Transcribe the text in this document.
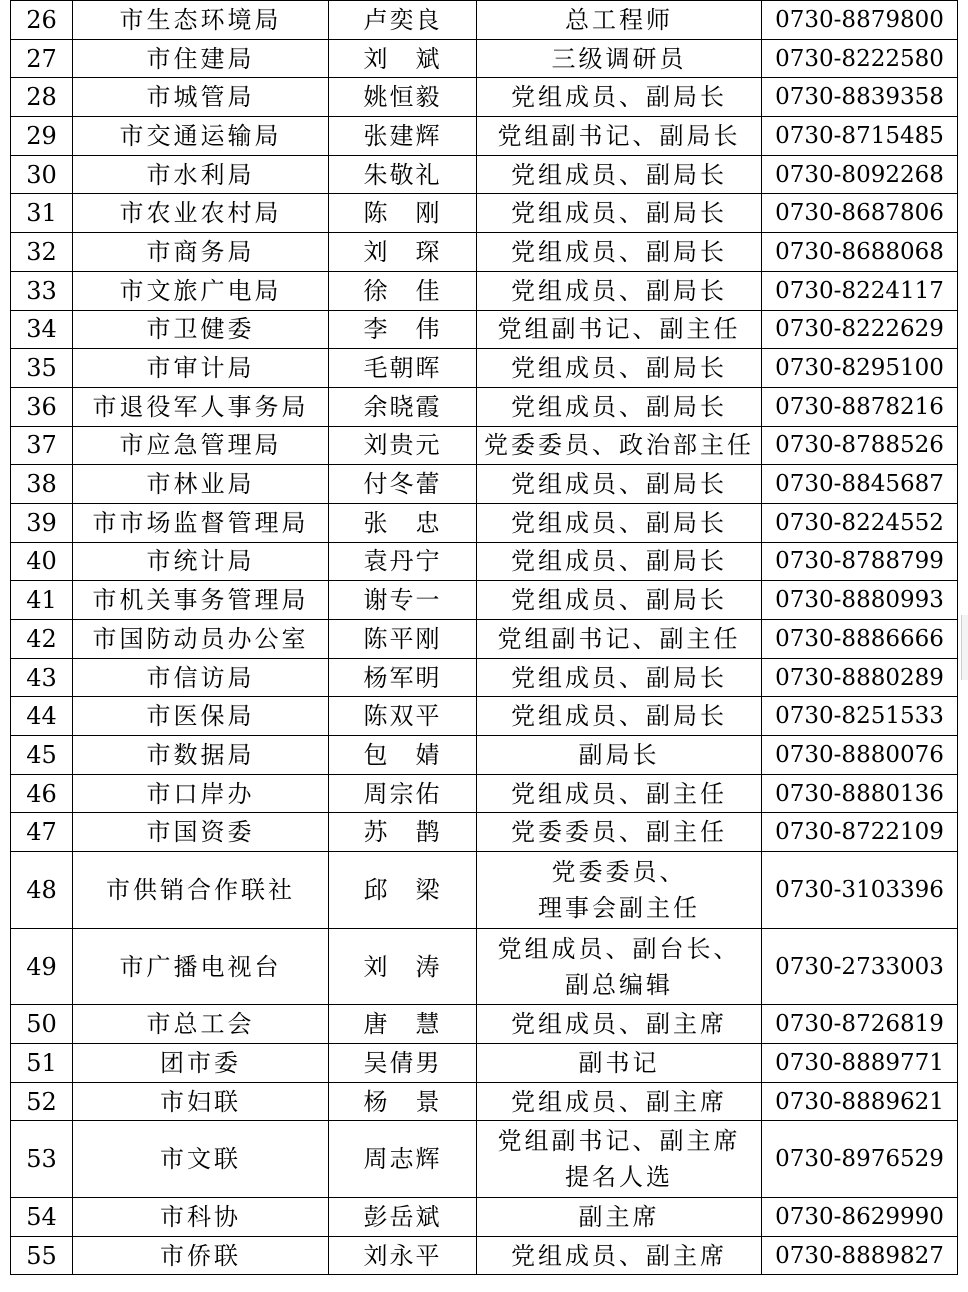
26	市生态环境局	卢奕良	总工程师	0730-8879800
27	市住建局	刘　斌	三级调研员	0730-8222580
28	市城管局	姚恒毅	党组成员、副局长	0730-8839358
29	市交通运输局	张建辉	党组副书记、副局长	0730-8715485
30	市水利局	朱敬礼	党组成员、副局长	0730-8092268
31	市农业农村局	陈　刚	党组成员、副局长	0730-8687806
32	市商务局	刘　琛	党组成员、副局长	0730-8688068
33	市文旅广电局	徐　佳	党组成员、副局长	0730-8224117
34	市卫健委	李　伟	党组副书记、副主任	0730-8222629
35	市审计局	毛朝晖	党组成员、副局长	0730-8295100
36	市退役军人事务局	余晓霞	党组成员、副局长	0730-8878216
37	市应急管理局	刘贵元	党委委员、政治部主任	0730-8788526
38	市林业局	付冬蕾	党组成员、副局长	0730-8845687
39	市市场监督管理局	张　忠	党组成员、副局长	0730-8224552
40	市统计局	袁丹宁	党组成员、副局长	0730-8788799
41	市机关事务管理局	谢专一	党组成员、副局长	0730-8880993
42	市国防动员办公室	陈平刚	党组副书记、副主任	0730-8886666
43	市信访局	杨军明	党组成员、副局长	0730-8880289
44	市医保局	陈双平	党组成员、副局长	0730-8251533
45	市数据局	包　婧	副局长	0730-8880076
46	市口岸办	周宗佑	党组成员、副主任	0730-8880136
47	市国资委	苏　鹊	党委委员、副主任	0730-8722109
48	市供销合作联社	邱　梁	党委委员、
理事会副主任	0730-3103396
49	市广播电视台	刘　涛	党组成员、副台长、
副总编辑	0730-2733003
50	市总工会	唐　慧	党组成员、副主席	0730-8726819
51	团市委	吴倩男	副书记	0730-8889771
52	市妇联	杨　景	党组成员、副主席	0730-8889621
53	市文联	周志辉	党组副书记、副主席
提名人选	0730-8976529
54	市科协	彭岳斌	副主席	0730-8629990
55	市侨联	刘永平	党组成员、副主席	0730-8889827
